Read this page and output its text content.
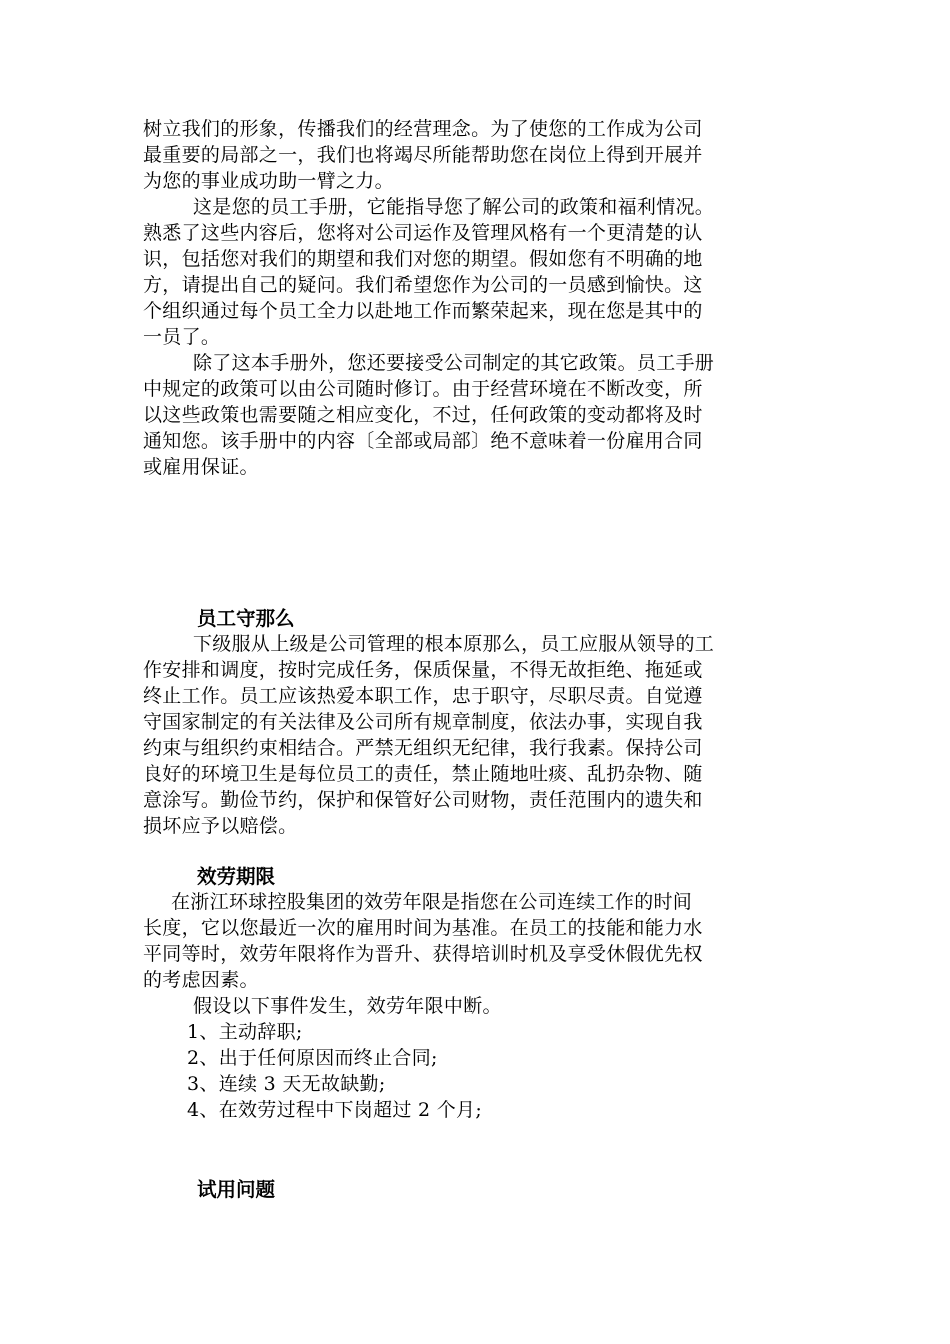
树立我们的形象，传播我们的经营理念。为了使您的工作成为公司
最重要的局部之一，我们也将竭尽所能帮助您在岗位上得到开展并
为您的事业成功助一臂之力。
这是您的员工手册，它能指导您了解公司的政策和福利情况。
熟悉了这些内容后，您将对公司运作及管理风格有一个更清楚的认
识，包括您对我们的期望和我们对您的期望。假如您有不明确的地
方，请提出自己的疑问。我们希望您作为公司的一员感到愉快。这
个组织通过每个员工全力以赴地工作而繁荣起来，现在您是其中的
一员了。
除了这本手册外，您还要接受公司制定的其它政策。员工手册
中规定的政策可以由公司随时修订。由于经营环境在不断改变，所
以这些政策也需要随之相应变化，不过，任何政策的变动都将及时
通知您。该手册中的内容〔全部或局部〕绝不意味着一份雇用合同
或雇用保证。
员工守那么
下级服从上级是公司管理的根本原那么，员工应服从领导的工
作安排和调度，按时完成任务，保质保量，不得无故拒绝、拖延或
终止工作。员工应该热爱本职工作，忠于职守，尽职尽责。自觉遵
守国家制定的有关法律及公司所有规章制度，依法办事，实现自我
约束与组织约束相结合。严禁无组织无纪律，我行我素。保持公司
良好的环境卫生是每位员工的责任，禁止随地吐痰、乱扔杂物、随
意涂写。勤俭节约，保护和保管好公司财物，责任范围内的遗失和
损坏应予以赔偿。
效劳期限
在浙江环球控股集团的效劳年限是指您在公司连续工作的时间
长度，它以您最近一次的雇用时间为基准。在员工的技能和能力水
平同等时，效劳年限将作为晋升、获得培训时机及享受休假优先权
的考虑因素。
假设以下事件发生，效劳年限中断。
1、主动辞职;
2、出于任何原因而终止合同;
3、连续 3 天无故缺勤;
4、在效劳过程中下岗超过 2 个月;
试用问题
